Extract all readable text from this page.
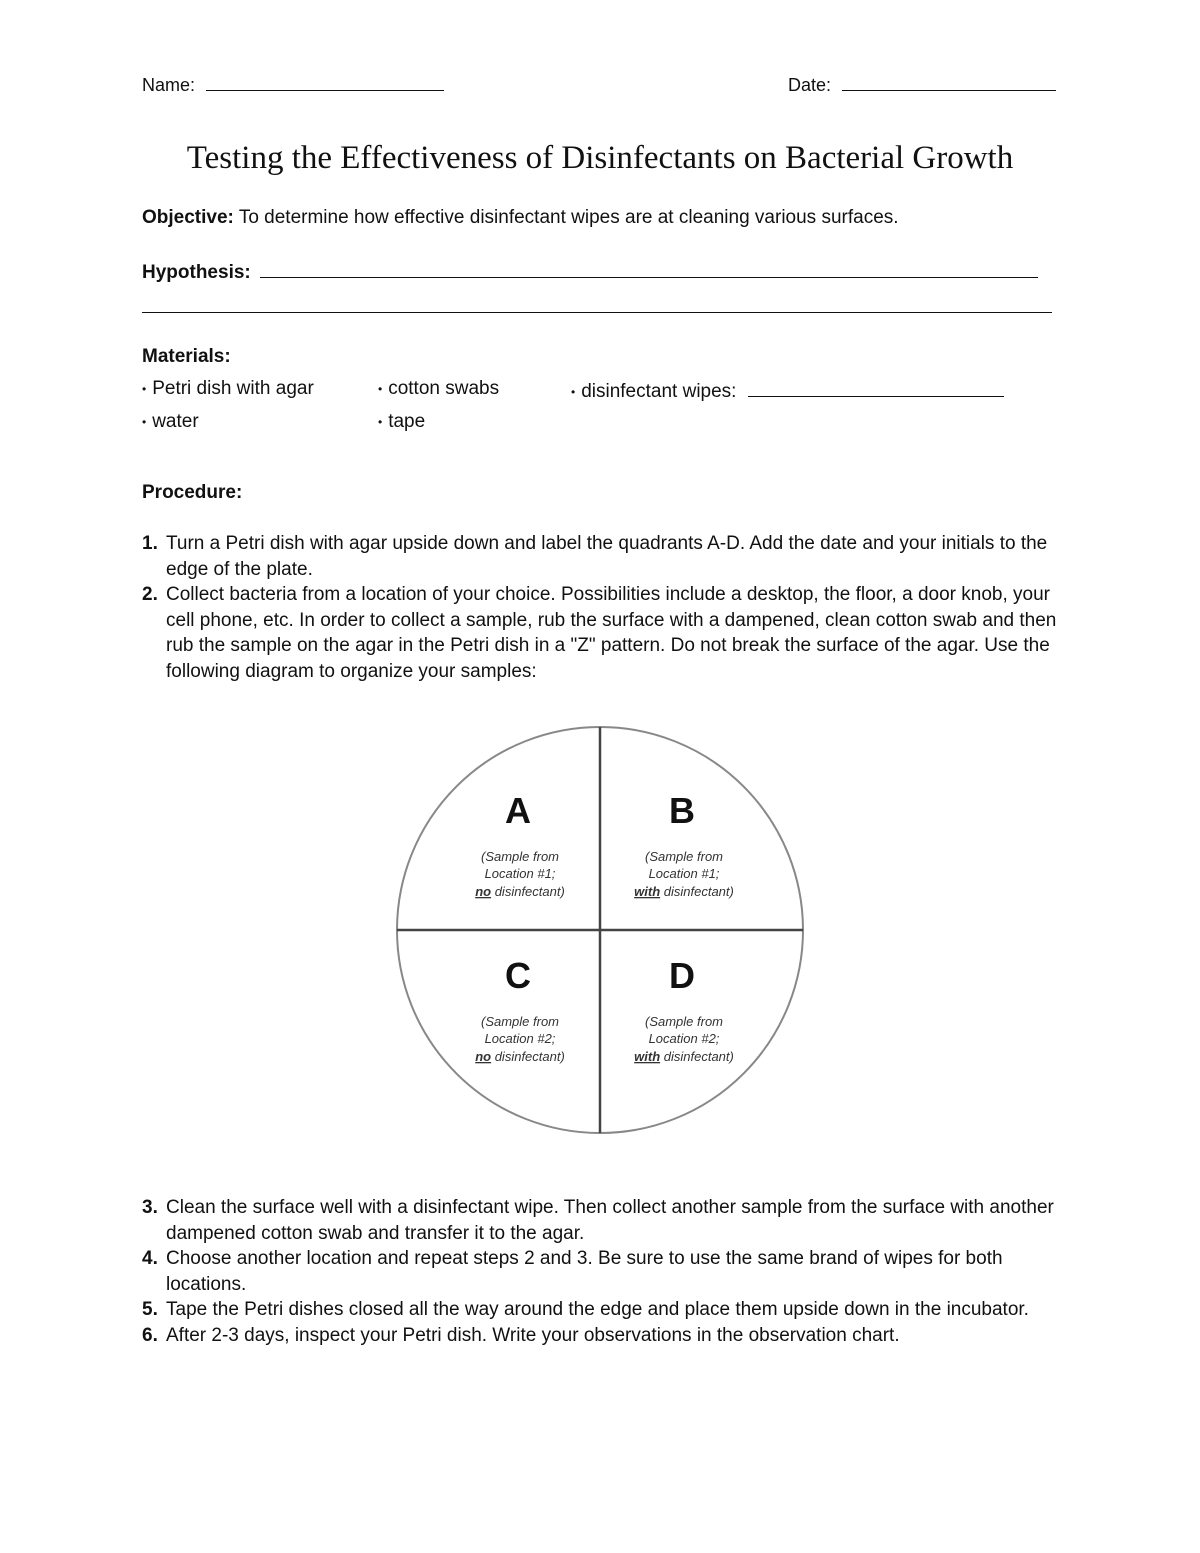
Name:	Date:
Testing the Effectiveness of Disinfectants on Bacterial Growth
Objective: To determine how effective disinfectant wipes are at cleaning various surfaces.
Hypothesis:
Materials:
• Petri dish with agar	• cotton swabs	• disinfectant wipes:
• water	• tape
Procedure:
1. Turn a Petri dish with agar upside down and label the quadrants A-D. Add the date and your initials to the edge of the plate.
2. Collect bacteria from a location of your choice. Possibilities include a desktop, the floor, a door knob, your cell phone, etc. In order to collect a sample, rub the surface with a dampened, clean cotton swab and then rub the sample on the agar in the Petri dish in a "Z" pattern. Do not break the surface of the agar. Use the following diagram to organize your samples:
A
(Sample from
Location #1;
no disinfectant)
B
(Sample from
Location #1;
with disinfectant)
C
(Sample from
Location #2;
no disinfectant)
D
(Sample from
Location #2;
with disinfectant)
3. Clean the surface well with a disinfectant wipe. Then collect another sample from the surface with another dampened cotton swab and transfer it to the agar.
4. Choose another location and repeat steps 2 and 3. Be sure to use the same brand of wipes for both locations.
5. Tape the Petri dishes closed all the way around the edge and place them upside down in the incubator.
6. After 2-3 days, inspect your Petri dish. Write your observations in the observation chart.
